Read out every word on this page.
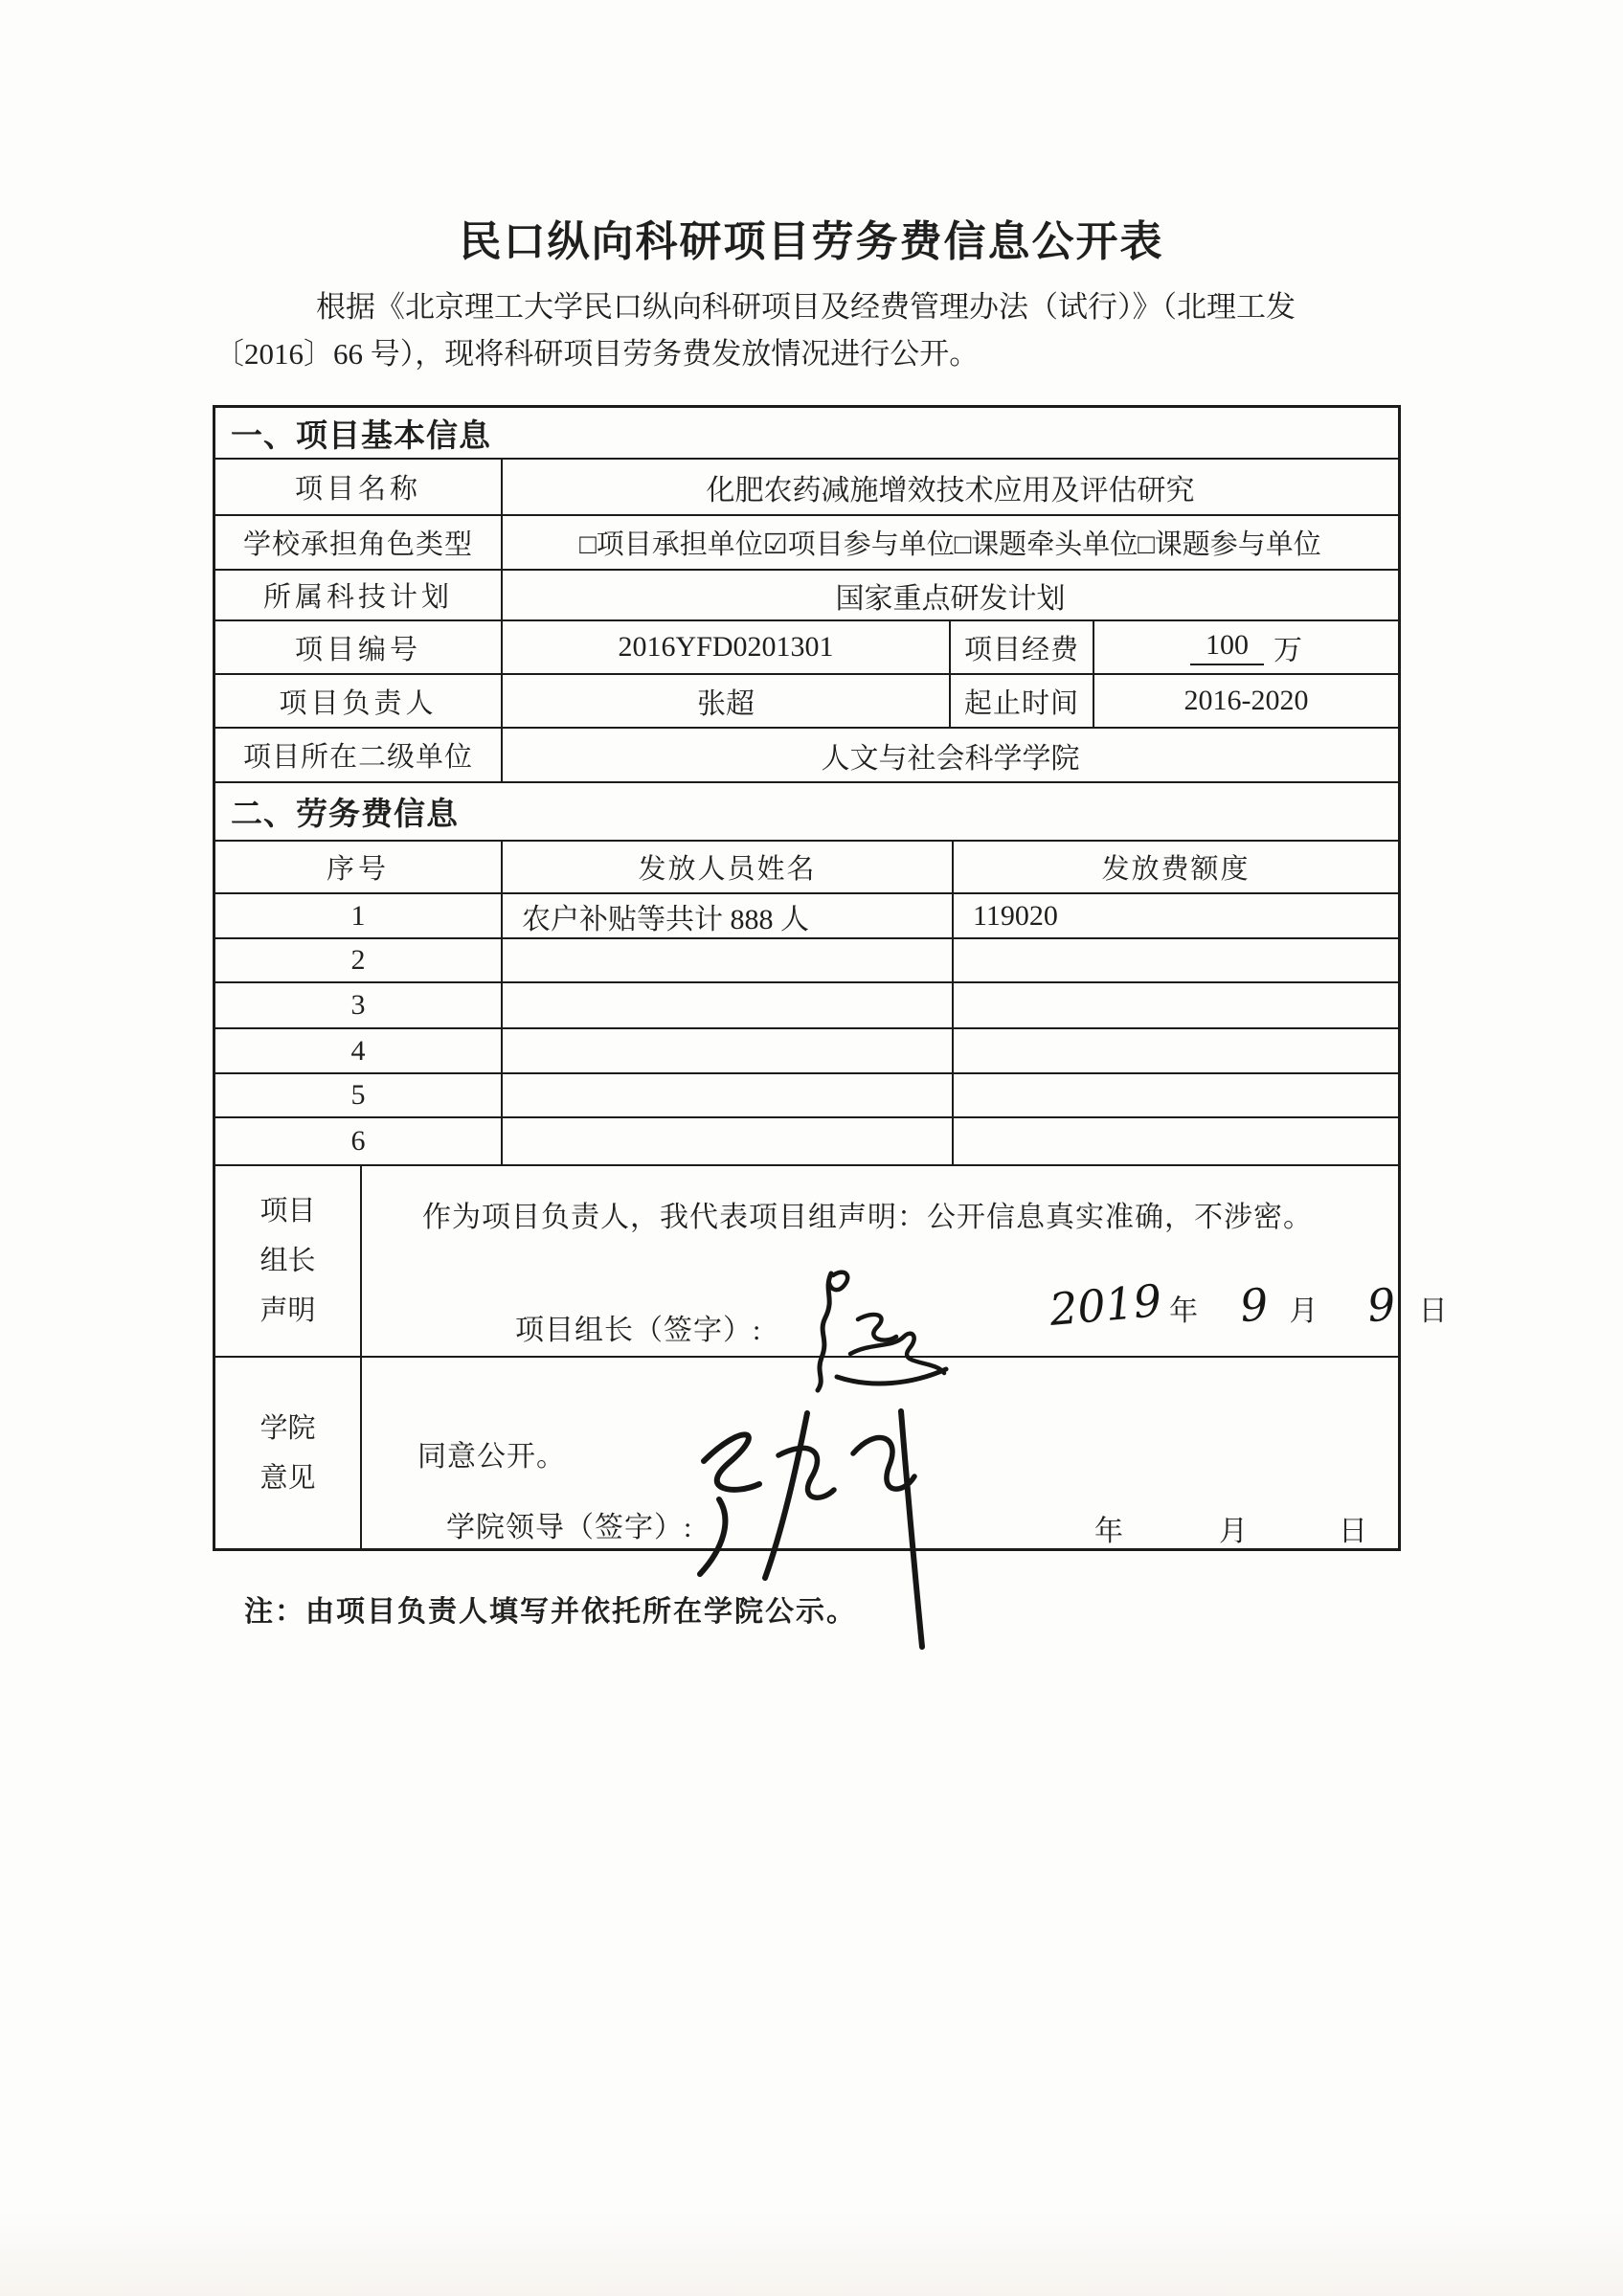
民口纵向科研项目劳务费信息公开表
根据《北京理工大学民口纵向科研项目及经费管理办法（试行）》（北理工发
〔2016〕66 号），现将科研项目劳务费发放情况进行公开。
一、项目基本信息
项目名称	化肥农药减施增效技术应用及评估研究
学校承担角色类型	□项目承担单位☑项目参与单位□课题牵头单位□课题参与单位
所属科技计划	国家重点研发计划
项目编号	2016YFD0201301	项目经费	100 万
项目负责人	张超	起止时间	2016-2020
项目所在二级单位	人文与社会科学学院
二、劳务费信息
序号	发放人员姓名	发放费额度
1	农户补贴等共计 888 人	119020
2
3
4
5
6
项目组长声明
作为项目负责人，我代表项目组声明：公开信息真实准确，不涉密。
项目组长（签字）:	2019 年 9 月 9 日
学院意见
同意公开。
学院领导（签字）:	年	月	日
注：由项目负责人填写并依托所在学院公示。
